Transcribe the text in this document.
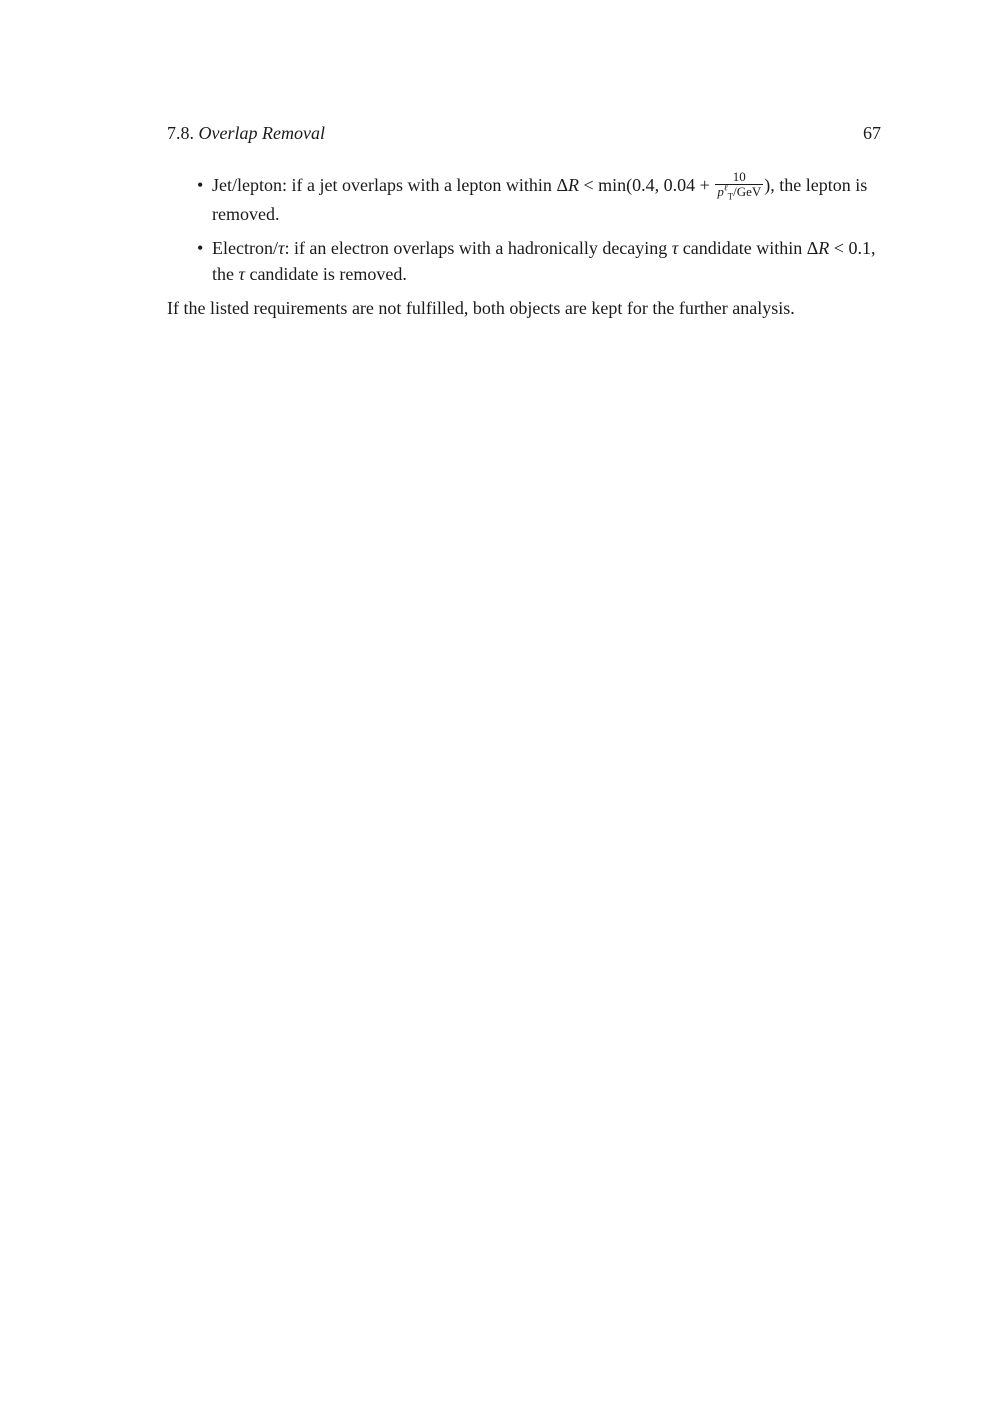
7.8. Overlap Removal	67
• Jet/lepton: if a jet overlaps with a lepton within ΔR < min(0.4, $0.04 + \frac{10}{p^\ell_T/GeV}$ ), the lepton is removed.
• Electron/τ: if an electron overlaps with a hadronically decaying τ candidate within ΔR < 0.1, the τ candidate is removed.

If the listed requirements are not fulfilled, both objects are kept for the further analysis.
